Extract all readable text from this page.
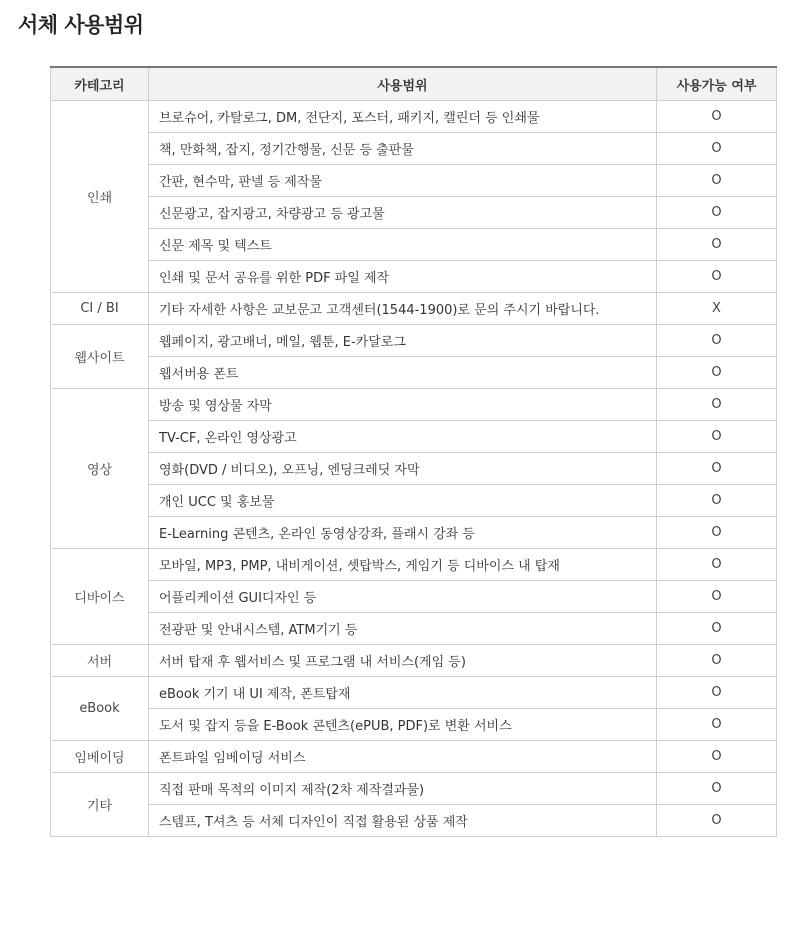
서체 사용범위
카테고리	사용범위	사용가능 여부
인쇄	브로슈어, 카탈로그, DM, 전단지, 포스터, 패키지, 캘린더 등 인쇄물	O
	책, 만화책, 잡지, 정기간행물, 신문 등 출판물	O
	간판, 현수막, 판넬 등 제작물	O
	신문광고, 잡지광고, 차량광고 등 광고물	O
	신문 제목 및 텍스트	O
	인쇄 및 문서 공유를 위한 PDF 파일 제작	O
CI / BI	기타 자세한 사항은 교보문고 고객센터(1544-1900)로 문의 주시기 바랍니다.	X
웹사이트	웹페이지, 광고배너, 메일, 웹툰, E-카달로그	O
	웹서버용 폰트	O
영상	방송 및 영상물 자막	O
	TV-CF, 온라인 영상광고	O
	영화(DVD / 비디오), 오프닝, 엔딩크레딧 자막	O
	개인 UCC 및 홍보물	O
	E-Learning 콘텐츠, 온라인 동영상강좌, 플래시 강좌 등	O
디바이스	모바일, MP3, PMP, 내비게이션, 셋탑박스, 게임기 등 디바이스 내 탑재	O
	어플리케이션 GUI디자인 등	O
	전광판 및 안내시스템, ATM기기 등	O
서버	서버 탑재 후 웹서비스 및 프로그램 내 서비스(게임 등)	O
eBook	eBook 기기 내 UI 제작, 폰트탑재	O
	도서 및 잡지 등을 E-Book 콘텐츠(ePUB, PDF)로 변환 서비스	O
임베이딩	폰트파일 임베이딩 서비스	O
기타	직접 판매 목적의 이미지 제작(2차 제작결과물)	O
	스템프, T셔츠 등 서체 디자인이 직접 활용된 상품 제작	O
